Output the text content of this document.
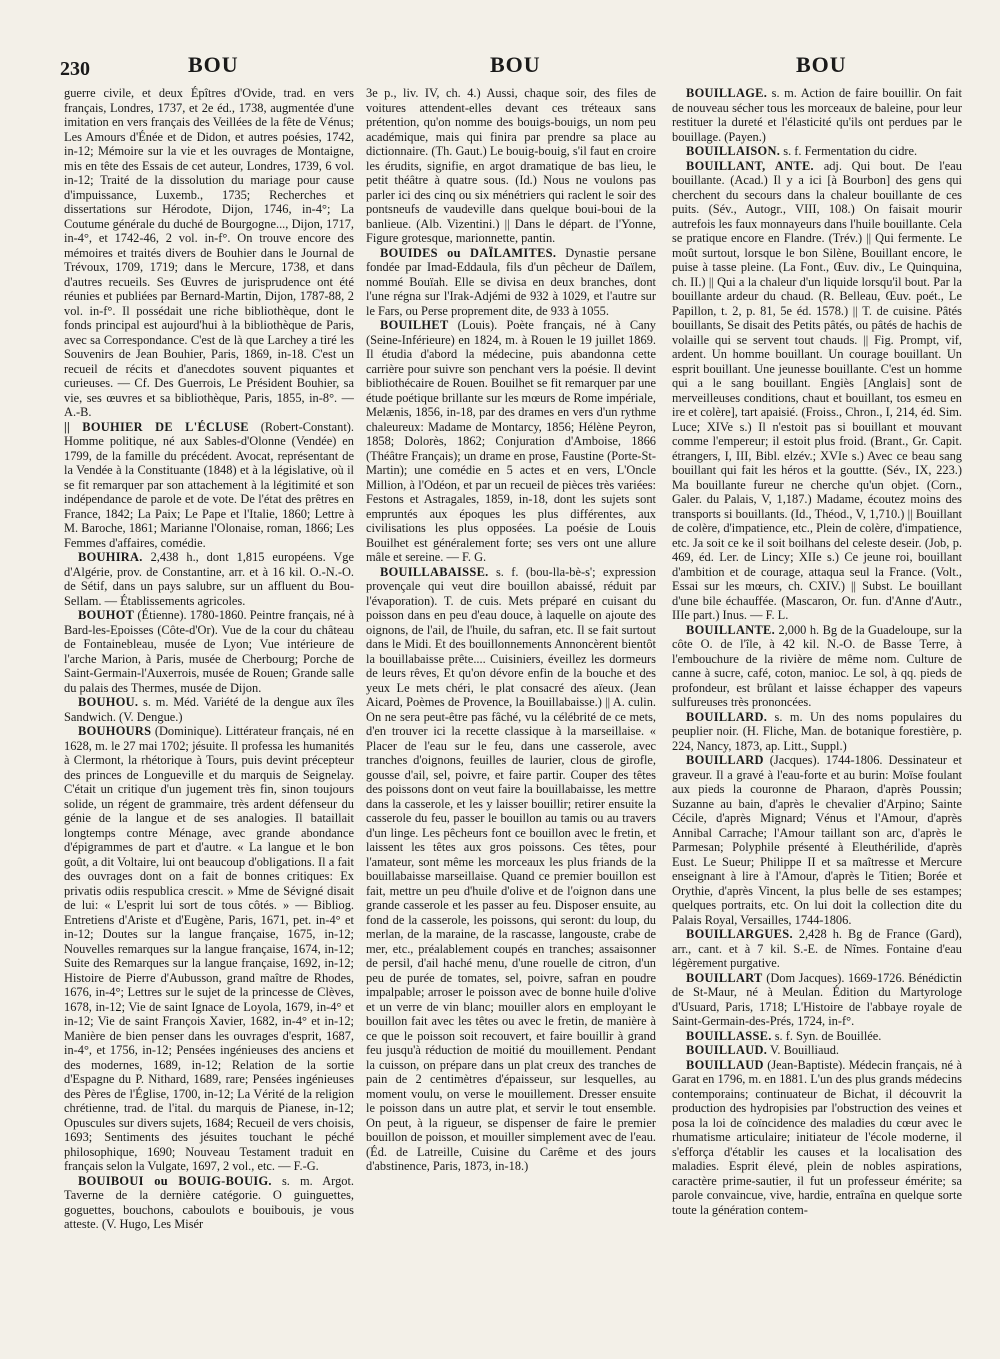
230	BOU	BOU	BOU

guerre civile, et deux Épîtres d'Ovide, trad. en vers français, Londres, 1737, et 2e éd., 1738, augmentée d'une imitation en vers français des Veillées de la fête de Vénus; Les Amours d'Énée et de Didon, et autres poésies, 1742, in-12; Mémoire sur la vie et les ouvrages de Montaigne, mis en tête des Essais de cet auteur, Londres, 1739, 6 vol. in-12; Traité de la dissolution du mariage pour cause d'impuissance, Luxemb., 1735; Recherches et dissertations sur Hérodote, Dijon, 1746, in-4°; La Coutume générale du duché de Bourgogne..., Dijon, 1717, in-4°, et 1742-46, 2 vol. in-f°. On trouve encore des mémoires et traités divers de Bouhier dans le Journal de Trévoux, 1709, 1719; dans le Mercure, 1738, et dans d'autres recueils. Ses Œuvres de jurisprudence ont été réunies et publiées par Bernard-Martin, Dijon, 1787-88, 2 vol. in-f°. Il possédait une riche bibliothèque, dont le fonds principal est aujourd'hui à la bibliothèque de Paris, avec sa Correspondance. C'est de là que Larchey a tiré les Souvenirs de Jean Bouhier, Paris, 1869, in-18. C'est un recueil de récits et d'anecdotes souvent piquantes et curieuses. — Cf. Des Guerrois, Le Président Bouhier, sa vie, ses œuvres et sa bibliothèque, Paris, 1855, in-8°. — A.-B.

|| BOUHIER DE L'ÉCLUSE (Robert-Constant). Homme politique, né aux Sables-d'Olonne (Vendée) en 1799, de la famille du précédent. Avocat, représentant de la Vendée à la Constituante (1848) et à la législative, où il se fit remarquer par son attachement à la légitimité et son indépendance de parole et de vote. De l'état des prêtres en France, 1842; La Paix; Le Pape et l'Italie, 1860; Lettre à M. Baroche, 1861; Marianne l'Olonaise, roman, 1866; Les Femmes d'affaires, comédie.

BOUHIRA. 2,438 h., dont 1,815 européens. Vge d'Algérie, prov. de Constantine, arr. et à 16 kil. O.-N.-O. de Sétif, dans un pays salubre, sur un affluent du Bou-Sellam. — Établissements agricoles.

BOUHOT (Étienne). 1780-1860. Peintre français, né à Bard-les-Epoisses (Côte-d'Or). Vue de la cour du château de Fontainebleau, musée de Lyon; Vue intérieure de l'arche Marion, à Paris, musée de Cherbourg; Porche de Saint-Germain-l'Auxerrois, musée de Rouen; Grande salle du palais des Thermes, musée de Dijon.

BOUHOU. s. m. Méd. Variété de la dengue aux îles Sandwich. (V. Dengue.)

BOUHOURS (Dominique). Littérateur français, né en 1628, m. le 27 mai 1702; jésuite. Il professa les humanités à Clermont, la rhétorique à Tours, puis devint précepteur des princes de Longueville et du marquis de Seignelay. C'était un critique d'un jugement très fin, sinon toujours solide, un régent de grammaire, très ardent défenseur du génie de la langue et de ses analogies. Il bataillait longtemps contre Ménage, avec grande abondance d'épigrammes de part et d'autre. « La langue et le bon goût, a dit Voltaire, lui ont beaucoup d'obligations. Il a fait des ouvrages dont on a fait de bonnes critiques: Ex privatis odiis respublica crescit. » Mme de Sévigné disait de lui: « L'esprit lui sort de tous côtés. » — Bibliog. Entretiens d'Ariste et d'Eugène, Paris, 1671, pet. in-4° et in-12; Doutes sur la langue française, 1675, in-12; Nouvelles remarques sur la langue française, 1674, in-12; Suite des Remarques sur la langue française, 1692, in-12; Histoire de Pierre d'Aubusson, grand maître de Rhodes, 1676, in-4°; Lettres sur le sujet de la princesse de Clèves, 1678, in-12; Vie de saint Ignace de Loyola, 1679, in-4° et in-12; Vie de saint François Xavier, 1682, in-4° et in-12; Manière de bien penser dans les ouvrages d'esprit, 1687, in-4°, et 1756, in-12; Pensées ingénieuses des anciens et des modernes, 1689, in-12; Relation de la sortie d'Espagne du P. Nithard, 1689, rare; Pensées ingénieuses des Pères de l'Église, 1700, in-12; La Vérité de la religion chrétienne, trad. de l'ital. du marquis de Pianese, in-12; Opuscules sur divers sujets, 1684; Recueil de vers choisis, 1693; Sentiments des jésuites touchant le péché philosophique, 1690; Nouveau Testament traduit en français selon la Vulgate, 1697, 2 vol., etc. — F.-G.

BOUIBOUI ou BOUIG-BOUIG. s. m. Argot. Taverne de la dernière catégorie. O guinguettes, goguettes, bouchons, caboulots e bouibouis, je vous atteste. (V. Hugo, Les Misér

3e p., liv. IV, ch. 4.) Aussi, chaque soir, des files de voitures attendent-elles devant ces tréteaux sans prétention, qu'on nomme des bouigs-bouigs, un nom peu académique, mais qui finira par prendre sa place au dictionnaire. (Th. Gaut.) Le bouig-bouig, s'il faut en croire les érudits, signifie, en argot dramatique de bas lieu, le petit théâtre à quatre sous. (Id.) Nous ne voulons pas parler ici des cinq ou six ménétriers qui raclent le soir des pontsneufs de vaudeville dans quelque boui-boui de la banlieue. (Alb. Vizentini.) || Dans le départ. de l'Yonne, Figure grotesque, marionnette, pantin.

BOUIDES ou DAÏLAMITES. Dynastie persane fondée par Imad-Eddaula, fils d'un pêcheur de Daïlem, nommé Bouïah. Elle se divisa en deux branches, dont l'une régna sur l'Irak-Adjémi de 932 à 1029, et l'autre sur le Fars, ou Perse proprement dite, de 933 à 1055.

BOUILHET (Louis). Poète français, né à Cany (Seine-Inférieure) en 1824, m. à Rouen le 19 juillet 1869. Il étudia d'abord la médecine, puis abandonna cette carrière pour suivre son penchant vers la poésie. Il devint bibliothécaire de Rouen. Bouilhet se fit remarquer par une étude poétique brillante sur les mœurs de Rome impériale, Melænis, 1856, in-18, par des drames en vers d'un rythme chaleureux: Madame de Montarcy, 1856; Hélène Peyron, 1858; Dolorès, 1862; Conjuration d'Amboise, 1866 (Théâtre Français); un drame en prose, Faustine (Porte-St-Martin); une comédie en 5 actes et en vers, L'Oncle Million, à l'Odéon, et par un recueil de pièces très variées: Festons et Astragales, 1859, in-18, dont les sujets sont empruntés aux époques les plus différentes, aux civilisations les plus opposées. La poésie de Louis Bouilhet est généralement forte; ses vers ont une allure mâle et sereine. — F. G.

BOUILLABAISSE. s. f. (bou-lla-bè-s'; expression provençale qui veut dire bouillon abaissé, réduit par l'évaporation). T. de cuis. Mets préparé en cuisant du poisson dans en peu d'eau douce, à laquelle on ajoute des oignons, de l'ail, de l'huile, du safran, etc. Il se fait surtout dans le Midi. Et des bouillonnements Annoncèrent bientôt la bouillabaisse prête.... Cuisiniers, éveillez les dormeurs de leurs rêves, Et qu'on dévore enfin de la bouche et des yeux Le mets chéri, le plat consacré des aïeux. (Jean Aicard, Poèmes de Provence, la Bouillabaisse.) || A. culin. On ne sera peut-être pas fâché, vu la célébrité de ce mets, d'en trouver ici la recette classique à la marseillaise. « Placer de l'eau sur le feu, dans une casserole, avec tranches d'oignons, feuilles de laurier, clous de girofle, gousse d'ail, sel, poivre, et faire partir. Couper des têtes des poissons dont on veut faire la bouillabaisse, les mettre dans la casserole, et les y laisser bouillir; retirer ensuite la casserole du feu, passer le bouillon au tamis ou au travers d'un linge. Les pêcheurs font ce bouillon avec le fretin, et laissent les têtes aux gros poissons. Ces têtes, pour l'amateur, sont même les morceaux les plus friands de la bouillabaisse marseillaise. Quand ce premier bouillon est fait, mettre un peu d'huile d'olive et de l'oignon dans une grande casserole et les passer au feu. Disposer ensuite, au fond de la casserole, les poissons, qui seront: du loup, du merlan, de la maraine, de la rascasse, langouste, crabe de mer, etc., préalablement coupés en tranches; assaisonner de persil, d'ail haché menu, d'une rouelle de citron, d'un peu de purée de tomates, sel, poivre, safran en poudre impalpable; arroser le poisson avec de bonne huile d'olive et un verre de vin blanc; mouiller alors en employant le bouillon fait avec les têtes ou avec le fretin, de manière à ce que le poisson soit recouvert, et faire bouillir à grand feu jusqu'à réduction de moitié du mouillement. Pendant la cuisson, on prépare dans un plat creux des tranches de pain de 2 centimètres d'épaisseur, sur lesquelles, au moment voulu, on verse le mouillement. Dresser ensuite le poisson dans un autre plat, et servir le tout ensemble. On peut, à la rigueur, se dispenser de faire le premier bouillon de poisson, et mouiller simplement avec de l'eau. (Éd. de Latreille, Cuisine du Carême et des jours d'abstinence, Paris, 1873, in-18.)

BOUILLAGE. s. m. Action de faire bouillir. On fait de nouveau sécher tous les morceaux de baleine, pour leur restituer la dureté et l'élasticité qu'ils ont perdues par le bouillage. (Payen.)

BOUILLAISON. s. f. Fermentation du cidre.

BOUILLANT, ANTE. adj. Qui bout. De l'eau bouillante. (Acad.) Il y a ici [à Bourbon] des gens qui cherchent du secours dans la chaleur bouillante de ces puits. (Sév., Autogr., VIII, 108.) On faisait mourir autrefois les faux monnayeurs dans l'huile bouillante. Cela se pratique encore en Flandre. (Trév.) || Qui fermente. Le moût surtout, lorsque le bon Silène, Bouillant encore, le puise à tasse pleine. (La Font., Œuv. div., Le Quinquina, ch. II.) || Qui a la chaleur d'un liquide lorsqu'il bout. Par la bouillante ardeur du chaud. (R. Belleau, Œuv. poét., Le Papillon, t. 2, p. 81, 5e éd. 1578.) || T. de cuisine. Pâtés bouillants, Se disait des Petits pâtés, ou pâtés de hachis de volaille qui se servent tout chauds. || Fig. Prompt, vif, ardent. Un homme bouillant. Un courage bouillant. Un esprit bouillant. Une jeunesse bouillante. C'est un homme qui a le sang bouillant. Engiès [Anglais] sont de merveilleuses conditions, chaut et bouillant, tos esmeu en ire et colère], tart apaisié. (Froiss., Chron., I, 214, éd. Sim. Luce; XIVe s.) Il n'estoit pas si bouillant et mouvant comme l'empereur; il estoit plus froid. (Brant., Gr. Capit. étrangers, I, III, Bibl. elzév.; XVIe s.) Avec ce beau sang bouillant qui fait les héros et la gouttte. (Sév., IX, 223.) Ma bouillante fureur ne cherche qu'un objet. (Corn., Galer. du Palais, V, 1,187.) Madame, écoutez moins des transports si bouillants. (Id., Théod., V, 1,710.) || Bouillant de colère, d'impatience, etc., Plein de colère, d'impatience, etc. Ja soit ce ke il soit boilhans del celeste deseir. (Job, p. 469, éd. Ler. de Lincy; XIIe s.) Ce jeune roi, bouillant d'ambition et de courage, attaqua seul la France. (Volt., Essai sur les mœurs, ch. CXIV.) || Subst. Le bouillant d'une bile échauffée. (Mascaron, Or. fun. d'Anne d'Autr., IIIe part.) Inus. — F. L.

BOUILLANTE. 2,000 h. Bg de la Guadeloupe, sur la côte O. de l'île, à 42 kil. N.-O. de Basse Terre, à l'embouchure de la rivière de même nom. Culture de canne à sucre, café, coton, manioc. Le sol, à qq. pieds de profondeur, est brûlant et laisse échapper des vapeurs sulfureuses très prononcées.

BOUILLARD. s. m. Un des noms populaires du peuplier noir. (H. Fliche, Man. de botanique forestière, p. 224, Nancy, 1873, ap. Litt., Suppl.)

BOUILLARD (Jacques). 1744-1806. Dessinateur et graveur. Il a gravé à l'eau-forte et au burin: Moïse foulant aux pieds la couronne de Pharaon, d'après Poussin; Suzanne au bain, d'après le chevalier d'Arpino; Sainte Cécile, d'après Mignard; Vénus et l'Amour, d'après Annibal Carrache; l'Amour taillant son arc, d'après le Parmesan; Polyphile présenté à Eleuthérilide, d'après Eust. Le Sueur; Philippe II et sa maîtresse et Mercure enseignant à lire à l'Amour, d'après le Titien; Borée et Orythie, d'après Vincent, la plus belle de ses estampes; quelques portraits, etc. On lui doit la collection dite du Palais Royal, Versailles, 1744-1806.

BOUILLARGUES. 2,428 h. Bg de France (Gard), arr., cant. et à 7 kil. S.-E. de Nîmes. Fontaine d'eau légèrement purgative.

BOUILLART (Dom Jacques). 1669-1726. Bénédictin de St-Maur, né à Meulan. Édition du Martyrologe d'Usuard, Paris, 1718; L'Histoire de l'abbaye royale de Saint-Germain-des-Prés, 1724, in-f°.

BOUILLASSE. s. f. Syn. de Bouillée.

BOUILLAUD. V. Bouilliaud.

BOUILLAUD (Jean-Baptiste). Médecin français, né à Garat en 1796, m. en 1881. L'un des plus grands médecins contemporains; continuateur de Bichat, il découvrit la production des hydropisies par l'obstruction des veines et posa la loi de coïncidence des maladies du cœur avec le rhumatisme articulaire; initiateur de l'école moderne, il s'efforça d'établir les causes et la localisation des maladies. Esprit élevé, plein de nobles aspirations, caractère prime-sautier, il fut un professeur émérite; sa parole convaincue, vive, hardie, entraîna en quelque sorte toute la génération contem-
